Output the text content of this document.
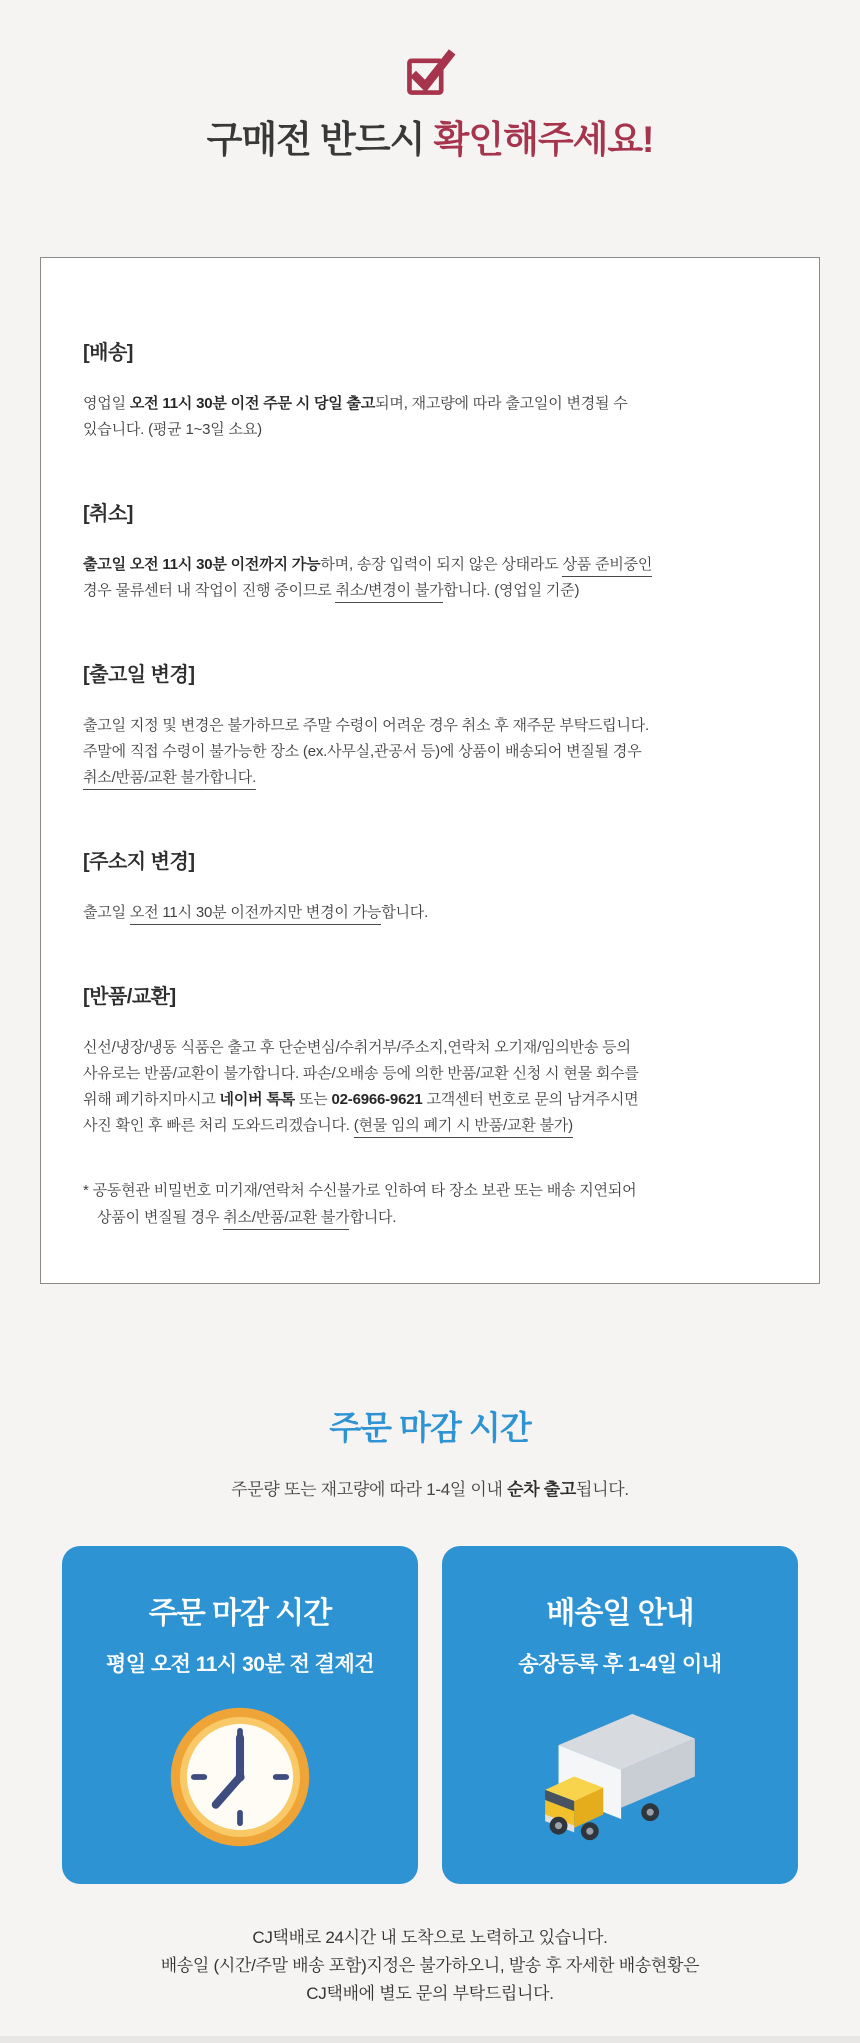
구매전 반드시 확인해주세요!
[배송]

영업일 오전 11시 30분 이전 주문 시 당일 출고되며, 재고량에 따라 출고일이 변경될 수
있습니다. (평균 1~3일 소요)

[취소]

출고일 오전 11시 30분 이전까지 가능하며, 송장 입력이 되지 않은 상태라도 상품 준비중인
경우 물류센터 내 작업이 진행 중이므로 취소/변경이 불가합니다. (영업일 기준)

[출고일 변경]

출고일 지정 및 변경은 불가하므로 주말 수령이 어려운 경우 취소 후 재주문 부탁드립니다.
주말에 직접 수령이 불가능한 장소 (ex.사무실,관공서 등)에 상품이 배송되어 변질될 경우
취소/반품/교환 불가합니다.

[주소지 변경]

출고일 오전 11시 30분 이전까지만 변경이 가능합니다.

[반품/교환]

신선/냉장/냉동 식품은 출고 후 단순변심/수취거부/주소지,연락처 오기재/임의반송 등의
사유로는 반품/교환이 불가합니다. 파손/오배송 등에 의한 반품/교환 신청 시 현물 회수를
위해 폐기하지마시고 네이버 톡톡 또는 02-6966-9621 고객센터 번호로 문의 남겨주시면
사진 확인 후 빠른 처리 도와드리겠습니다. (현물 임의 폐기 시 반품/교환 불가)

* 공동현관 비밀번호 미기재/연락처 수신불가로 인하여 타 장소 보관 또는 배송 지연되어
상품이 변질될 경우 취소/반품/교환 불가합니다.

주문 마감 시간

주문량 또는 재고량에 따라 1-4일 이내 순차 출고됩니다.

주문 마감 시간
평일 오전 11시 30분 전 결제건
배송일 안내
송장등록 후 1-4일 이내
CJ택배로 24시간 내 도착으로 노력하고 있습니다.
배송일 (시간/주말 배송 포함)지정은 불가하오니, 발송 후 자세한 배송현황은
CJ택배에 별도 문의 부탁드립니다.
